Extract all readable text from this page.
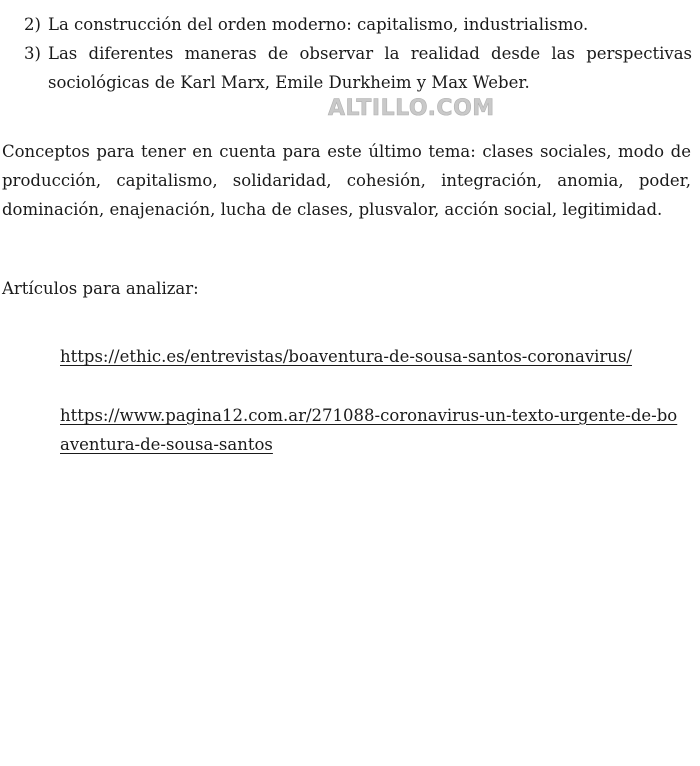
2) La construcción del orden moderno: capitalismo, industrialismo.
3) Las diferentes maneras de observar la realidad desde las perspectivas
sociológicas de Karl Marx, Emile Durkheim y Max Weber.
ALTILLO.COM

Conceptos para tener en cuenta para este último tema: clases sociales, modo de producción, capitalismo, solidaridad, cohesión, integración, anomia, poder, dominación, enajenación, lucha de clases, plusvalor, acción social, legitimidad.

Artículos para analizar:

https://ethic.es/entrevistas/boaventura-de-sousa-santos-coronavirus/
https://www.pagina12.com.ar/271088-coronavirus-un-texto-urgente-de-boaventura-de-sousa-santos
